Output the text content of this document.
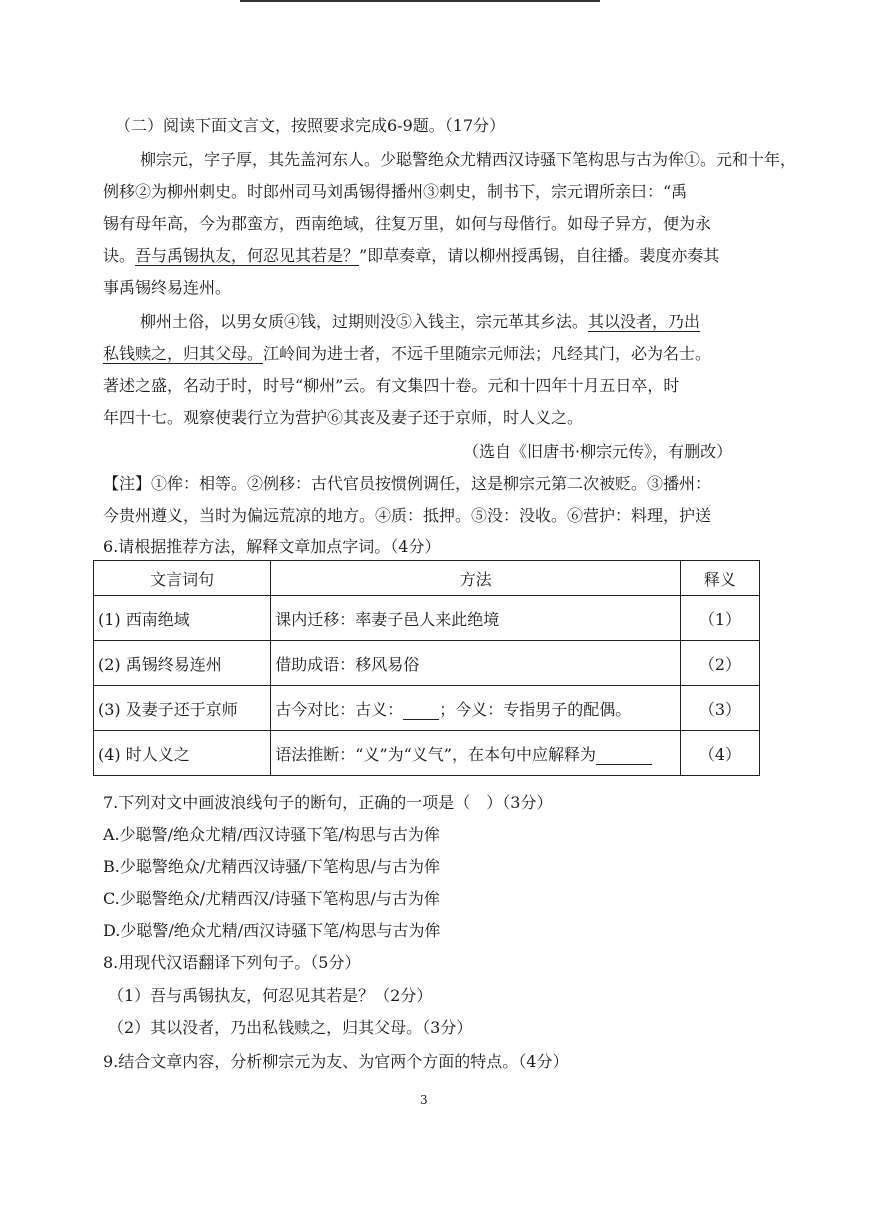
（二）阅读下面文言文，按照要求完成6-9题。（17分）
柳宗元，字子厚，其先盖河东人。少聪警绝众尤精西汉诗骚下笔构思与古为侔①。元和十年，
例移②为柳州刺史。时郎州司马刘禹锡得播州③刺史，制书下，宗元谓所亲曰：“禹
锡有母年高，今为郡蛮方，西南绝域，往复万里，如何与母偕行。如母子异方，便为永
诀。吾与禹锡执友，何忍见其若是？”即草奏章，请以柳州授禹锡，自往播。裴度亦奏其
事禹锡终易连州。
柳州土俗，以男女质④钱，过期则没⑤入钱主，宗元革其乡法。其以没者，乃出
私钱赎之，归其父母。江岭间为进士者，不远千里随宗元师法；凡经其门，必为名士。
著述之盛，名动于时，时号“柳州”云。有文集四十卷。元和十四年十月五日卒，时
年四十七。观察使裴行立为营护⑥其丧及妻子还于京师，时人义之。
（选自《旧唐书·柳宗元传》，有删改）
【注】①侔：相等。②例移：古代官员按惯例调任，这是柳宗元第二次被贬。③播州：
今贵州遵义，当时为偏远荒凉的地方。④质：抵押。⑤没：没收。⑥营护：料理，护送
6.请根据推荐方法，解释文章加点字词。（4分）
文言词句	方法	释义
(1) 西南绝域	课内迁移：率妻子邑人来此绝境	（1）
(2) 禹锡终易连州	借助成语：移风易俗	（2）
(3) 及妻子还于京师	古今对比：古义： ；今义：专指男子的配偶。	（3）
(4) 时人义之	语法推断：“义”为“义气”，在本句中应解释为	（4）
7.下列对文中画波浪线句子的断句，正确的一项是（　）（3分）
A.少聪警/绝众尤精/西汉诗骚下笔/构思与古为侔
B.少聪警绝众/尤精西汉诗骚/下笔构思/与古为侔
C.少聪警绝众/尤精西汉/诗骚下笔构思/与古为侔
D.少聪警/绝众尤精/西汉诗骚下笔/构思与古为侔
8.用现代汉语翻译下列句子。（5分）
（1）吾与禹锡执友，何忍见其若是？（2分）
（2）其以没者，乃出私钱赎之，归其父母。（3分）
9.结合文章内容，分析柳宗元为友、为官两个方面的特点。（4分）
3
